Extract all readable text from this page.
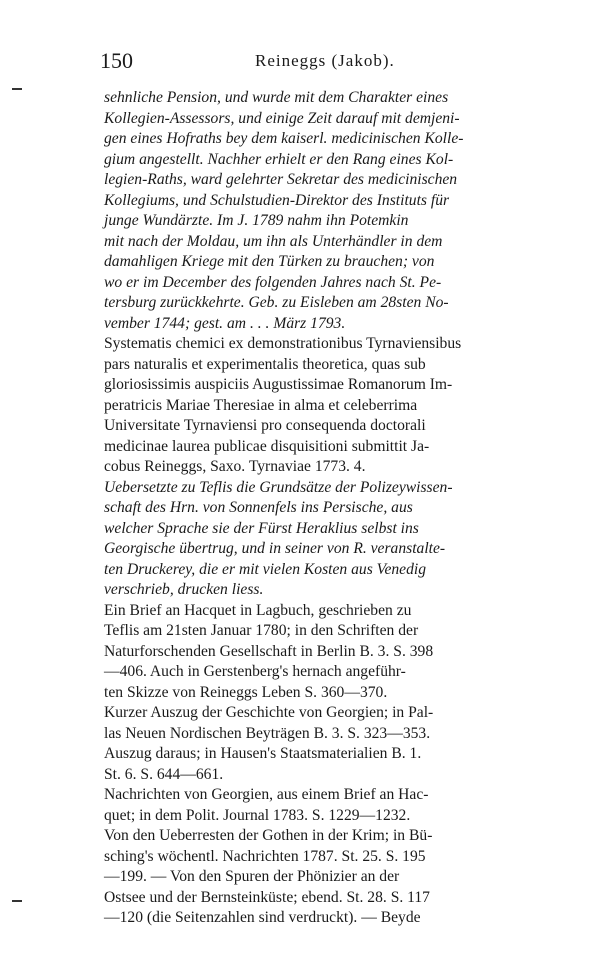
150	Reineggs (Jakob).
sehnliche Pension, und wurde mit dem Charakter eines
Kollegien-Assessors, und einige Zeit darauf mit demjeni-
gen eines Hofraths bey dem kaiserl. medicinischen Kolle-
gium angestellt. Nachher erhielt er den Rang eines Kol-
legien-Raths, ward gelehrter Sekretar des medicinischen
Kollegiums, und Schulstudien-Direktor des Instituts für
junge Wundärzte. Im J. 1789 nahm ihn Potemkin
mit nach der Moldau, um ihn als Unterhändler in dem
damahligen Kriege mit den Türken zu brauchen; von
wo er im December des folgenden Jahres nach St. Pe-
tersburg zurückkehrte. Geb. zu Eisleben am 28sten No-
vember 1744; gest. am . . . März 1793.
Systematis chemici ex demonstrationibus Tyrnaviensibus
pars naturalis et experimentalis theoretica, quas sub
gloriosissimis auspiciis Augustissimae Romanorum Im-
peratricis Mariae Theresiae in alma et celeberrima
Universitate Tyrnaviensi pro consequenda doctorali
medicinae laurea publicae disquisitioni submittit Ja-
cobus Reineggs, Saxo. Tyrnaviae 1773. 4.
Uebersetzte zu Teflis die Grundsätze der Polizeywissen-
schaft des Hrn. von Sonnenfels ins Persische, aus
welcher Sprache sie der Fürst Heraklius selbst ins
Georgische übertrug, und in seiner von R. veranstalte-
ten Druckerey, die er mit vielen Kosten aus Venedig
verschrieb, drucken liess.
Ein Brief an Hacquet in Lagbuch, geschrieben zu
Teflis am 21sten Januar 1780; in den Schriften der
Naturforschenden Gesellschaft in Berlin B. 3. S. 398
—406. Auch in Gerstenberg's hernach angeführ-
ten Skizze von Reineggs Leben S. 360—370.
Kurzer Auszug der Geschichte von Georgien; in Pal-
las Neuen Nordischen Beyträgen B. 3. S. 323—353.
Auszug daraus; in Hausen's Staatsmaterialien B. 1.
St. 6. S. 644—661.
Nachrichten von Georgien, aus einem Brief an Hac-
quet; in dem Polit. Journal 1783. S. 1229—1232.
Von den Ueberresten der Gothen in der Krim; in Bü-
sching's wöchentl. Nachrichten 1787. St. 25. S. 195
—199. — Von den Spuren der Phönizier an der
Ostsee und der Bernsteinküste; ebend. St. 28. S. 117
—120 (die Seitenzahlen sind verdruckt). — Beyde
